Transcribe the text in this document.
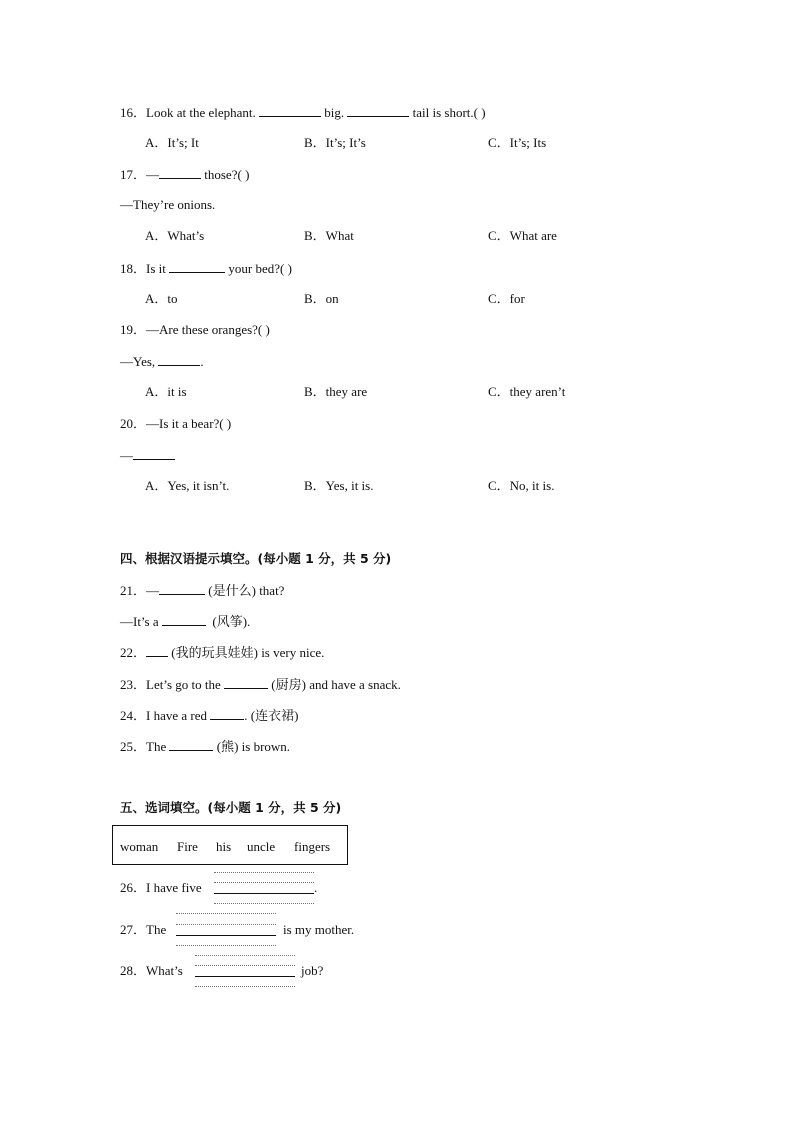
16．Look at the elephant.	big.	tail is short.( )
A．It’s; It	B．It’s; It’s	C．It’s; Its
17．—	those?( )
—They’re onions.
A．What’s	B．What	C．What are
18．Is it	your bed?( )
A．to	B．on	C．for
19．—Are these oranges?( )
—Yes,	.
A．it is	B．they are	C．they aren’t
20．—Is it a bear?( )
—
A．Yes, it isn’t.	B．Yes, it is.	C．No, it is.
四、根据汉语提示填空。(每小题 1 分，共 5 分)
21．—	(是什么) that?
—It’s a	(风筝).
22． (我的玩具娃娃) is very nice.
23．Let’s go to the	(厨房) and have a snack.
24．I have a red	. (连衣裙)
25．The	(熊) is brown.
五、选词填空。(每小题 1 分，共 5 分)
woman Fire his uncle fingers
26．I have five	.
27．The	is my mother.
28．What’s	job?
